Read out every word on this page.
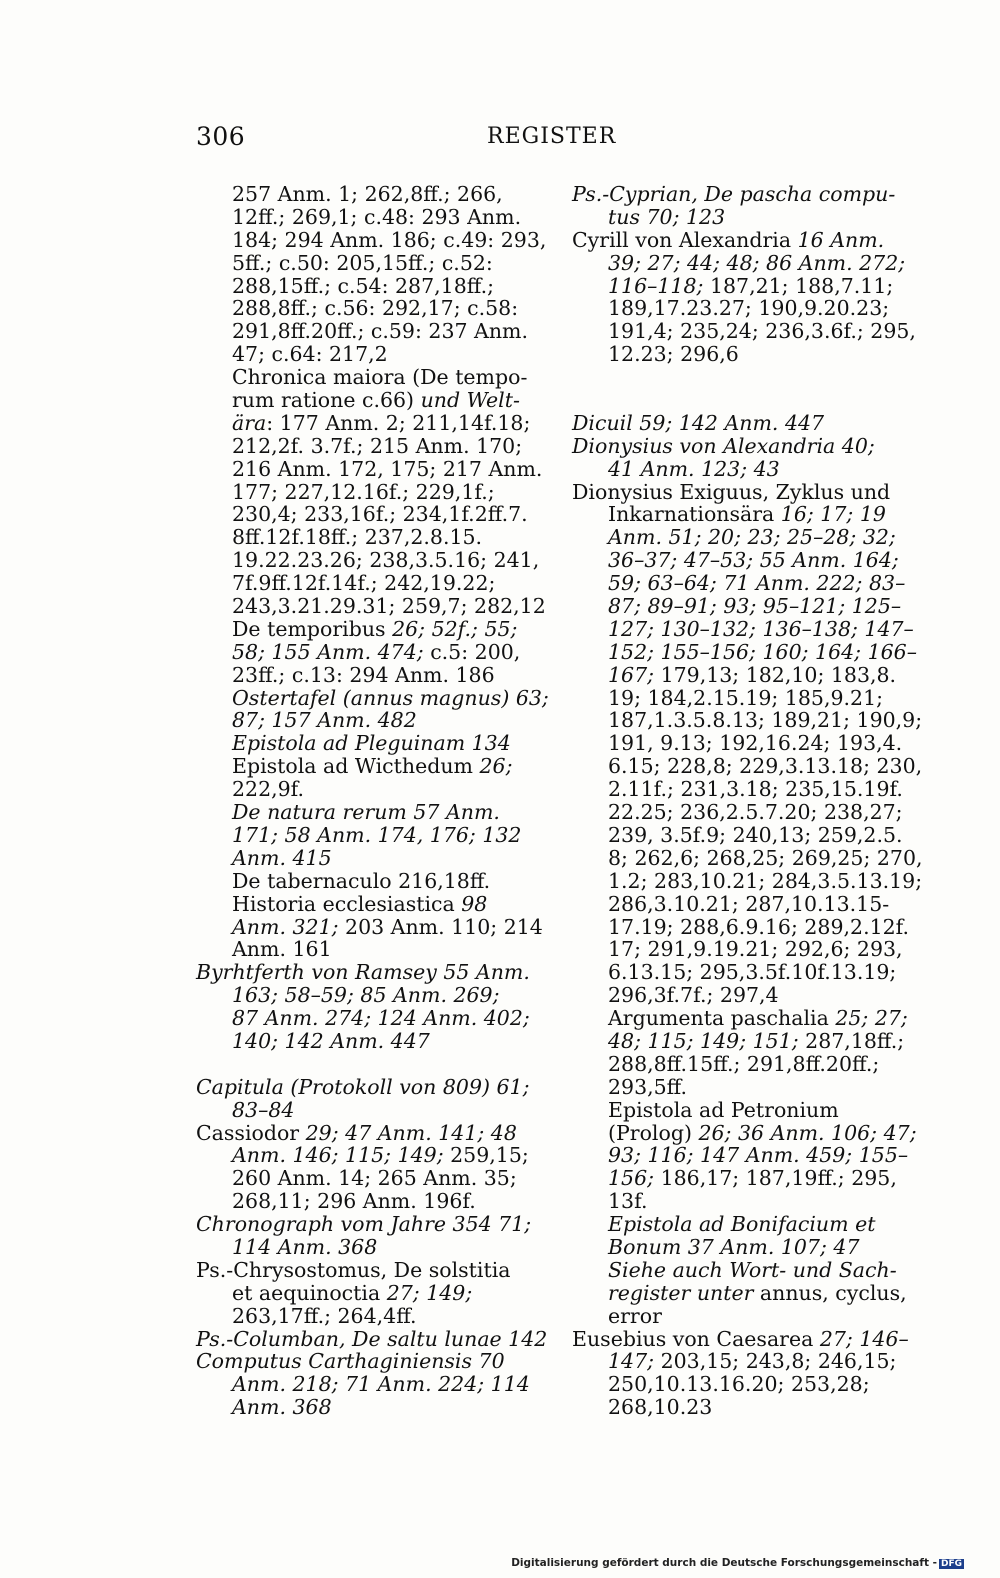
306	REGISTER
257 Anm. 1; 262,8ff.; 266,
12ff.; 269,1; c.48: 293 Anm.
184; 294 Anm. 186; c.49: 293,
5ff.; c.50: 205,15ff.; c.52:
288,15ff.; c.54: 287,18ff.;
288,8ff.; c.56: 292,17; c.58:
291,8ff.20ff.; c.59: 237 Anm.
47; c.64: 217,2
Chronica maiora (De tempo-
rum ratione c.66) und Welt-
ära: 177 Anm. 2; 211,14f.18;
212,2f. 3.7f.; 215 Anm. 170;
216 Anm. 172, 175; 217 Anm.
177; 227,12.16f.; 229,1f.;
230,4; 233,16f.; 234,1f.2ff.7.
8ff.12f.18ff.; 237,2.8.15.
19.22.23.26; 238,3.5.16; 241,
7f.9ff.12f.14f.; 242,19.22;
243,3.21.29.31; 259,7; 282,12
De temporibus 26; 52f.; 55;
58; 155 Anm. 474; c.5: 200,
23ff.; c.13: 294 Anm. 186
Ostertafel (annus magnus) 63;
87; 157 Anm. 482
Epistola ad Pleguinam 134
Epistola ad Wicthedum 26;
222,9f.
De natura rerum 57 Anm.
171; 58 Anm. 174, 176; 132
Anm. 415
De tabernaculo 216,18ff.
Historia ecclesiastica 98
Anm. 321; 203 Anm. 110; 214
Anm. 161
Byrhtferth von Ramsey 55 Anm.
163; 58–59; 85 Anm. 269;
87 Anm. 274; 124 Anm. 402;
140; 142 Anm. 447
Capitula (Protokoll von 809) 61;
83–84
Cassiodor 29; 47 Anm. 141; 48
Anm. 146; 115; 149; 259,15;
260 Anm. 14; 265 Anm. 35;
268,11; 296 Anm. 196f.
Chronograph vom Jahre 354 71;
114 Anm. 368
Ps.-Chrysostomus, De solstitia
et aequinoctia 27; 149;
263,17ff.; 264,4ff.
Ps.-Columban, De saltu lunae 142
Computus Carthaginiensis 70
Anm. 218; 71 Anm. 224; 114
Anm. 368
Ps.-Cyprian, De pascha compu-
tus 70; 123
Cyrill von Alexandria 16 Anm.
39; 27; 44; 48; 86 Anm. 272;
116–118; 187,21; 188,7.11;
189,17.23.27; 190,9.20.23;
191,4; 235,24; 236,3.6f.; 295,
12.23; 296,6
Dicuil 59; 142 Anm. 447
Dionysius von Alexandria 40;
41 Anm. 123; 43
Dionysius Exiguus, Zyklus und
Inkarnationsära 16; 17; 19
Anm. 51; 20; 23; 25–28; 32;
36–37; 47–53; 55 Anm. 164;
59; 63–64; 71 Anm. 222; 83–
87; 89–91; 93; 95–121; 125–
127; 130–132; 136–138; 147–
152; 155–156; 160; 164; 166–
167; 179,13; 182,10; 183,8.
19; 184,2.15.19; 185,9.21;
187,1.3.5.8.13; 189,21; 190,9;
191, 9.13; 192,16.24; 193,4.
6.15; 228,8; 229,3.13.18; 230,
2.11f.; 231,3.18; 235,15.19f.
22.25; 236,2.5.7.20; 238,27;
239, 3.5f.9; 240,13; 259,2.5.
8; 262,6; 268,25; 269,25; 270,
1.2; 283,10.21; 284,3.5.13.19;
286,3.10.21; 287,10.13.15-
17.19; 288,6.9.16; 289,2.12f.
17; 291,9.19.21; 292,6; 293,
6.13.15; 295,3.5f.10f.13.19;
296,3f.7f.; 297,4
Argumenta paschalia 25; 27;
48; 115; 149; 151; 287,18ff.;
288,8ff.15ff.; 291,8ff.20ff.;
293,5ff.
Epistola ad Petronium
(Prolog) 26; 36 Anm. 106; 47;
93; 116; 147 Anm. 459; 155–
156; 186,17; 187,19ff.; 295,
13f.
Epistola ad Bonifacium et
Bonum 37 Anm. 107; 47
Siehe auch Wort- und Sach-
register unter annus, cyclus,
error
Eusebius von Caesarea 27; 146–
147; 203,15; 243,8; 246,15;
250,10.13.16.20; 253,28;
268,10.23
Digitalisierung gefördert durch die Deutsche Forschungsgemeinschaft - DFG
